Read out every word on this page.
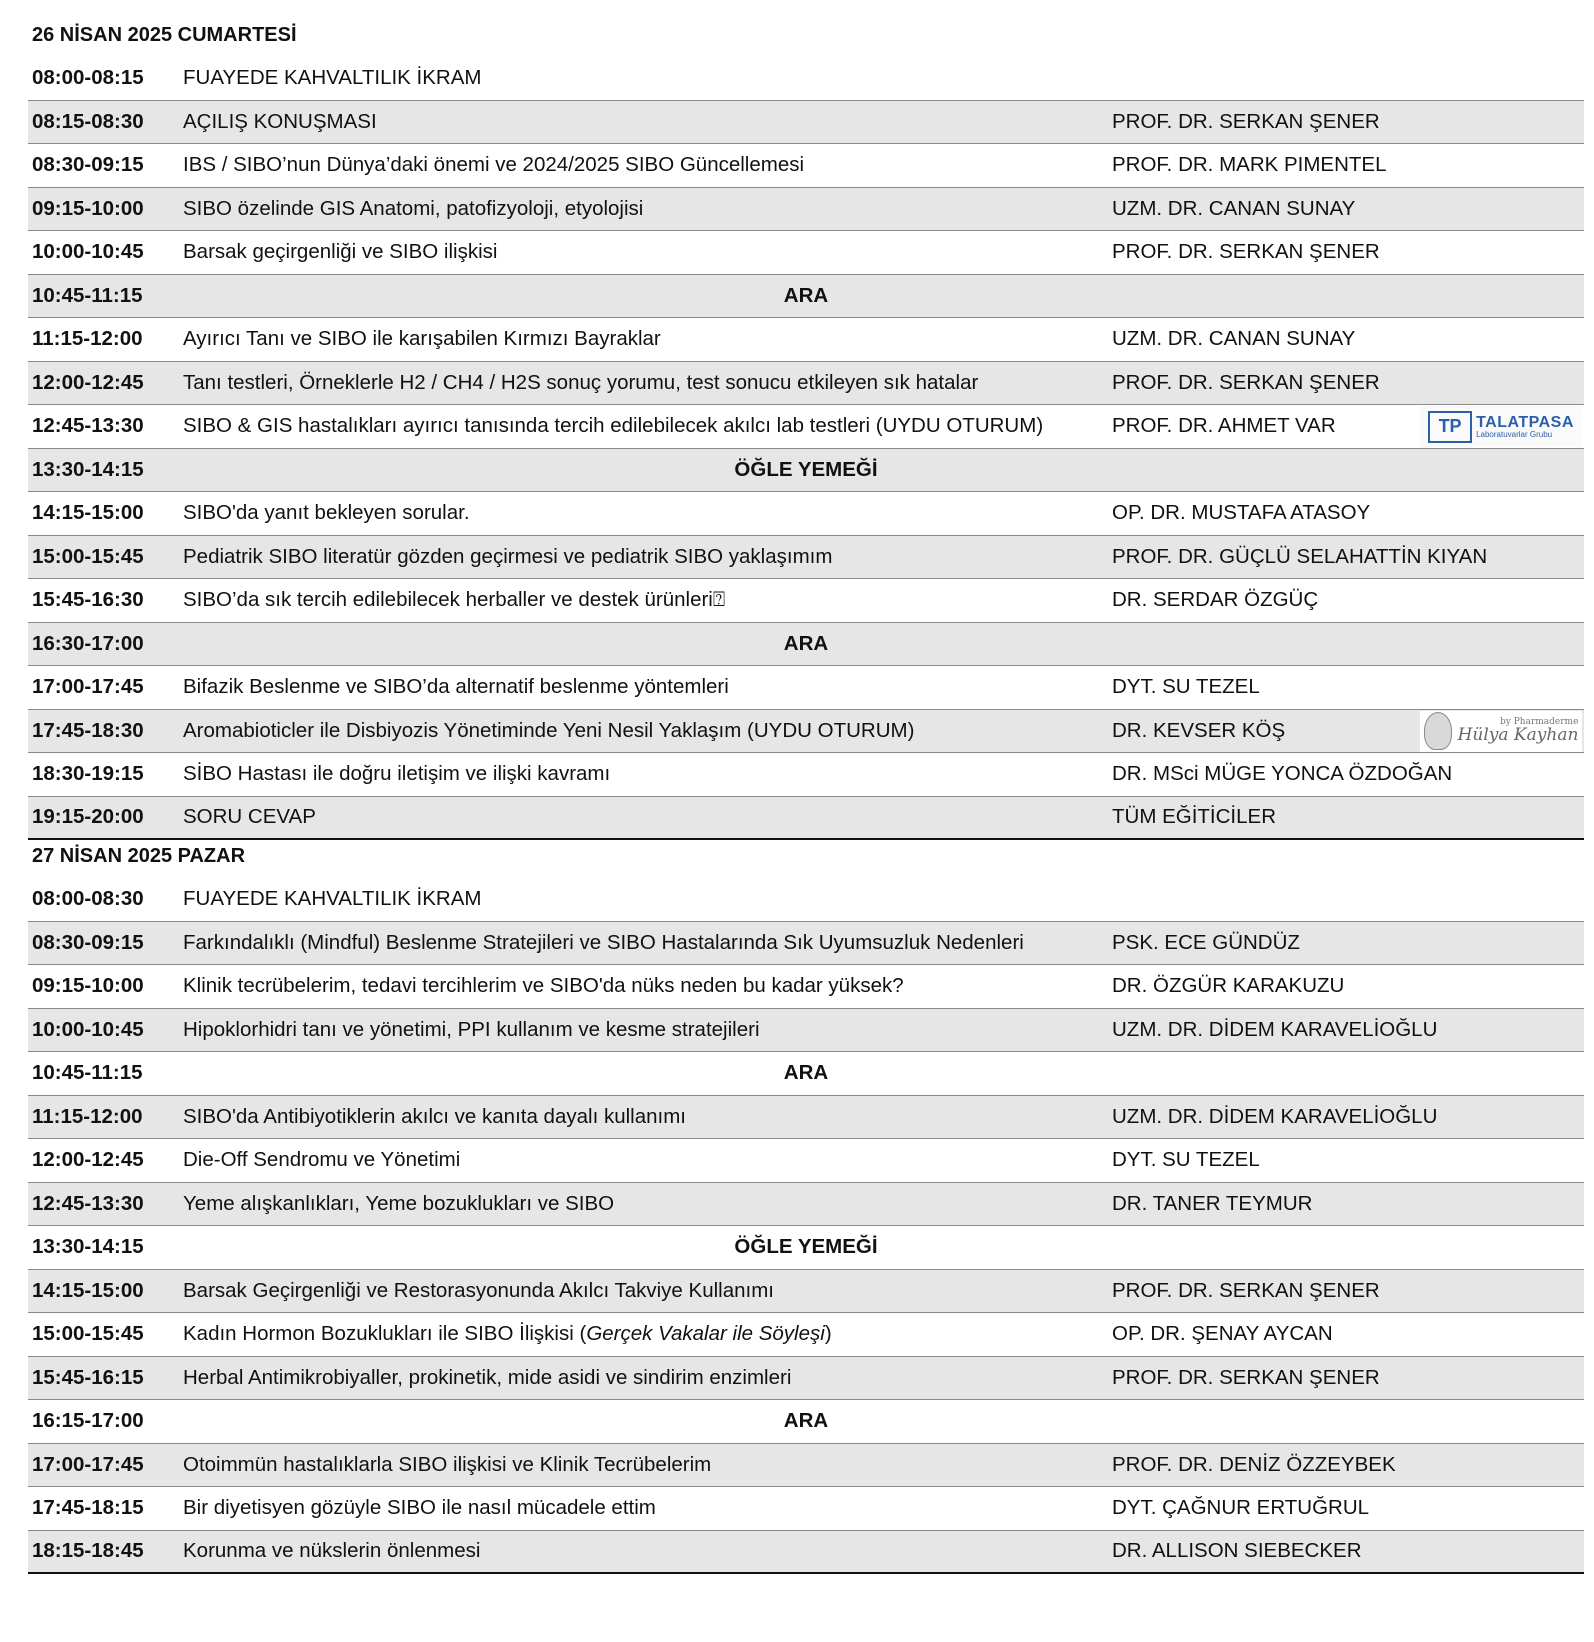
26 NİSAN 2025 CUMARTESİ
08:00-08:15 FUAYEDE KAHVALTILIK İKRAM
08:15-08:30 AÇILIŞ KONUŞMASI	PROF. DR. SERKAN ŞENER
08:30-09:15 IBS / SIBO’nun Dünya’daki önemi ve 2024/2025 SIBO Güncellemesi	PROF. DR. MARK PIMENTEL
09:15-10:00 SIBO özelinde GIS Anatomi, patofizyoloji, etyolojisi	UZM. DR. CANAN SUNAY
10:00-10:45 Barsak geçirgenliği ve SIBO ilişkisi	PROF. DR. SERKAN ŞENER
10:45-11:15	ARA
11:15-12:00 Ayırıcı Tanı ve SIBO ile karışabilen Kırmızı Bayraklar	UZM. DR. CANAN SUNAY
12:00-12:45 Tanı testleri, Örneklerle H2 / CH4 / H2S sonuç yorumu, test sonucu etkileyen sık hatalar	PROF. DR. SERKAN ŞENER
12:45-13:30 SIBO & GIS hastalıkları ayırıcı tanısında tercih edilebilecek akılcı lab testleri (UYDU OTURUM)	PROF. DR. AHMET VAR	TP TALATPASA
Laboratuvarlar Grubu
13:30-14:15	ÖĞLE YEMEĞİ
14:15-15:00 SIBO'da yanıt bekleyen sorular.	OP. DR. MUSTAFA ATASOY
15:00-15:45 Pediatrik SIBO literatür gözden geçirmesi ve pediatrik SIBO yaklaşımım	PROF. DR. GÜÇLÜ SELAHATTİN KIYAN
15:45-16:30 SIBO’da sık tercih edilebilecek herballer ve destek ürünleri⍰	DR. SERDAR ÖZGÜÇ
16:30-17:00	ARA
17:00-17:45 Bifazik Beslenme ve SIBO’da alternatif beslenme yöntemleri	DYT. SU TEZEL
17:45-18:30 Aromabioticler ile Disbiyozis Yönetiminde Yeni Nesil Yaklaşım (UYDU OTURUM)	DR. KEVSER KÖŞ	by Pharmaderme
Hülya Kayhan
18:30-19:15 SİBO Hastası ile doğru iletişim ve ilişki kavramı	DR. MSci MÜGE YONCA ÖZDOĞAN
19:15-20:00 SORU CEVAP	TÜM EĞİTİCİLER
27 NİSAN 2025 PAZAR
08:00-08:30 FUAYEDE KAHVALTILIK İKRAM
08:30-09:15 Farkındalıklı (Mindful) Beslenme Stratejileri ve SIBO Hastalarında Sık Uyumsuzluk Nedenleri	PSK. ECE GÜNDÜZ
09:15-10:00 Klinik tecrübelerim, tedavi tercihlerim ve SIBO'da nüks neden bu kadar yüksek?	DR. ÖZGÜR KARAKUZU
10:00-10:45 Hipoklorhidri tanı ve yönetimi, PPI kullanım ve kesme stratejileri	UZM. DR. DİDEM KARAVELİOĞLU
10:45-11:15	ARA
11:15-12:00 SIBO'da Antibiyotiklerin akılcı ve kanıta dayalı kullanımı	UZM. DR. DİDEM KARAVELİOĞLU
12:00-12:45 Die-Off Sendromu ve Yönetimi	DYT. SU TEZEL
12:45-13:30 Yeme alışkanlıkları, Yeme bozuklukları ve SIBO	DR. TANER TEYMUR
13:30-14:15	ÖĞLE YEMEĞİ
14:15-15:00 Barsak Geçirgenliği ve Restorasyonunda Akılcı Takviye Kullanımı	PROF. DR. SERKAN ŞENER
15:00-15:45 Kadın Hormon Bozuklukları ile SIBO İlişkisi ( Gerçek Vakalar ile Söyleşi )	OP. DR. ŞENAY AYCAN
15:45-16:15 Herbal Antimikrobiyaller, prokinetik, mide asidi ve sindirim enzimleri	PROF. DR. SERKAN ŞENER
16:15-17:00	ARA
17:00-17:45 Otoimmün hastalıklarla SIBO ilişkisi ve Klinik Tecrübelerim	PROF. DR. DENİZ ÖZZEYBEK
17:45-18:15 Bir diyetisyen gözüyle SIBO ile nasıl mücadele ettim	DYT. ÇAĞNUR ERTUĞRUL
18:15-18:45 Korunma ve nükslerin önlenmesi	DR. ALLISON SIEBECKER
